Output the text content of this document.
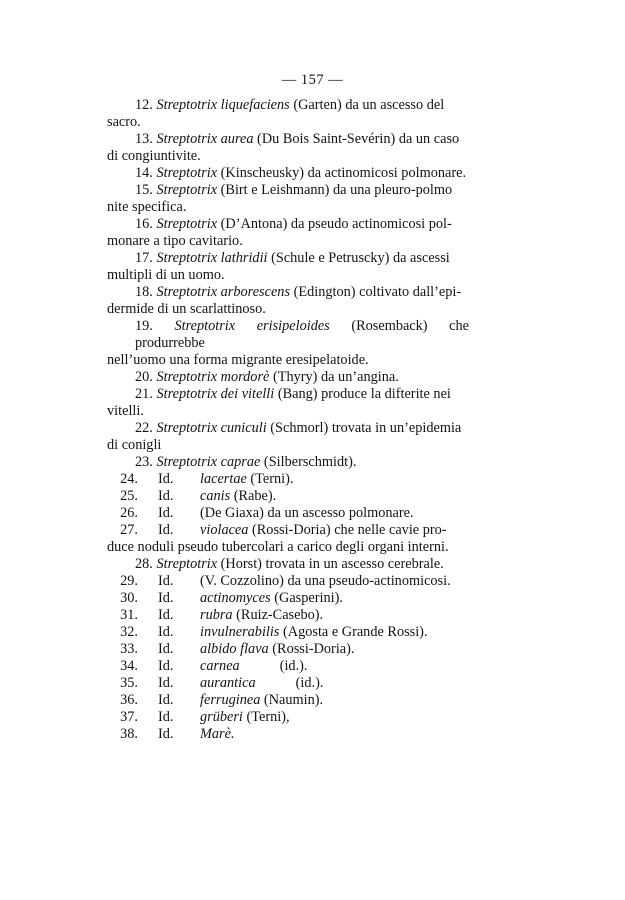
— 157 —
12. Streptotrix liquefaciens (Garten) da un ascesso del
sacro.
13. Streptotrix aurea (Du Bois Saint-Sevérin) da un caso
di congiuntivite.
14. Streptotrix (Kinscheusky) da actinomicosi polmonare.
15. Streptotrix (Birt e Leishmann) da una pleuro-polmo
nite specifica.
16. Streptotrix (D’Antona) da pseudo actinomicosi pol-
monare a tipo cavitario.
17. Streptotrix lathridii (Schule e Petruscky) da ascessi
multipli di un uomo.
18. Streptotrix arborescens (Edington) coltivato dall’epi-
dermide di un scarlattinoso.
19. Streptotrix erisipeloides (Rosemback) che produrrebbe
nell’uomo una forma migrante eresipelatoide.
20. Streptotrix mordorè (Thyry) da un’angina.
21. Streptotrix dei vitelli (Bang) produce la difterite nei
vitelli.
22. Streptotrix cuniculi (Schmorl) trovata in un’epidemia
di conigli
23. Streptotrix caprae (Silberschmidt).
24.	Id.	lacertae (Terni).
25.	Id.	canis (Rabe).
26.	Id.	(De Giaxa) da un ascesso polmonare.
27.	Id.	violacea (Rossi-Doria) che nelle cavie pro-
duce noduli pseudo tubercolari a carico degli organi interni.
28. Streptotrix (Horst) trovata in un ascesso cerebrale.
29.	Id.	(V. Cozzolino) da una pseudo-actinomicosi.
30.	Id.	actinomyces (Gasperini).
31.	Id.	rubra (Ruiz-Casebo).
32.	Id.	invulnerabilis (Agosta e Grande Rossi).
33.	Id.	albido flava (Rossi-Doria).
34.	Id.	carnea	(id.).
35.	Id.	aurantica	(id.).
36.	Id.	ferruginea (Naumin).
37.	Id.	grüberi (Terni),
38.	Id.	Marè.
